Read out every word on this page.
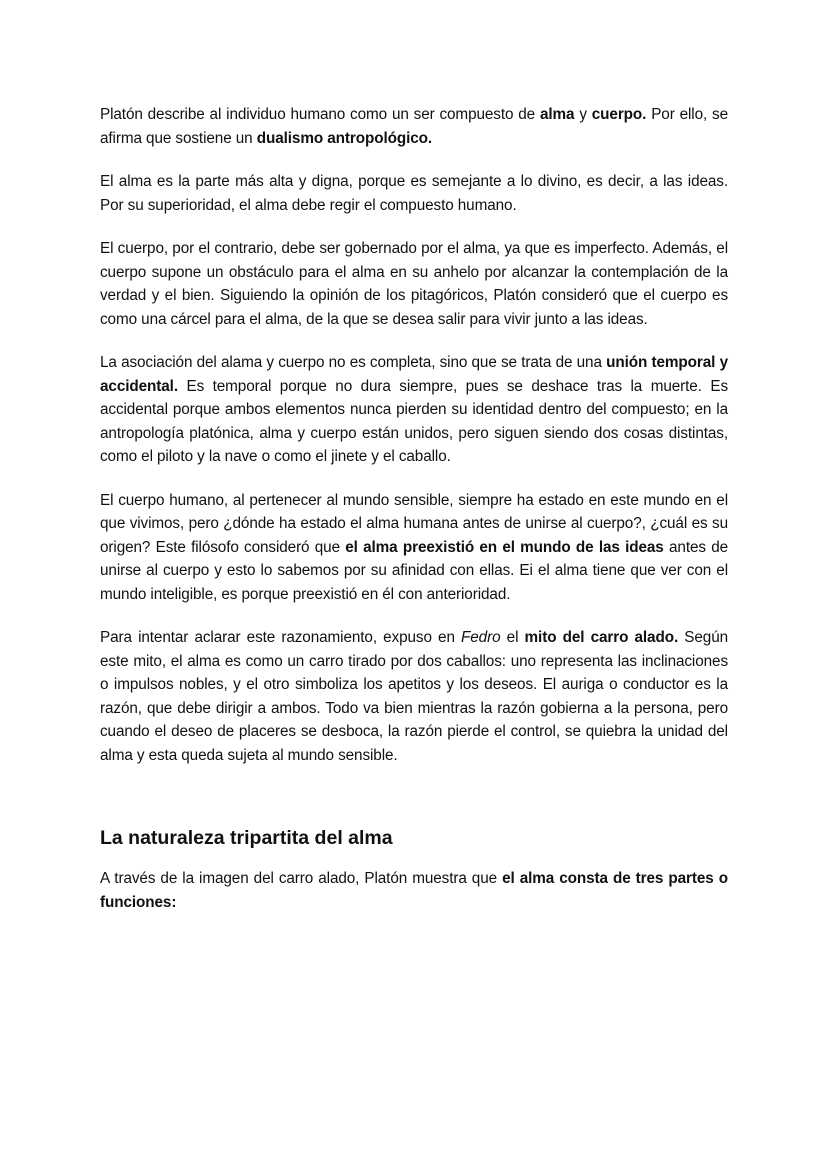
Platón describe al individuo humano como un ser compuesto de alma y cuerpo. Por ello, se afirma que sostiene un dualismo antropológico.

El alma es la parte más alta y digna, porque es semejante a lo divino, es decir, a las ideas. Por su superioridad, el alma debe regir el compuesto humano.

El cuerpo, por el contrario, debe ser gobernado por el alma, ya que es imperfecto. Además, el cuerpo supone un obstáculo para el alma en su anhelo por alcanzar la contemplación de la verdad y el bien. Siguiendo la opinión de los pitagóricos, Platón consideró que el cuerpo es como una cárcel para el alma, de la que se desea salir para vivir junto a las ideas.

La asociación del alama y cuerpo no es completa, sino que se trata de una unión temporal y accidental. Es temporal porque no dura siempre, pues se deshace tras la muerte. Es accidental porque ambos elementos nunca pierden su identidad dentro del compuesto; en la antropología platónica, alma y cuerpo están unidos, pero siguen siendo dos cosas distintas, como el piloto y la nave o como el jinete y el caballo.

El cuerpo humano, al pertenecer al mundo sensible, siempre ha estado en este mundo en el que vivimos, pero ¿dónde ha estado el alma humana antes de unirse al cuerpo?, ¿cuál es su origen? Este filósofo consideró que el alma preexistió en el mundo de las ideas antes de unirse al cuerpo y esto lo sabemos por su afinidad con ellas. Ei el alma tiene que ver con el mundo inteligible, es porque preexistió en él con anterioridad.

Para intentar aclarar este razonamiento, expuso en Fedro el mito del carro alado. Según este mito, el alma es como un carro tirado por dos caballos: uno representa las inclinaciones o impulsos nobles, y el otro simboliza los apetitos y los deseos. El auriga o conductor es la razón, que debe dirigir a ambos. Todo va bien mientras la razón gobierna a la persona, pero cuando el deseo de placeres se desboca, la razón pierde el control, se quiebra la unidad del alma y esta queda sujeta al mundo sensible.

La naturaleza tripartita del alma

A través de la imagen del carro alado, Platón muestra que el alma consta de tres partes o funciones:
